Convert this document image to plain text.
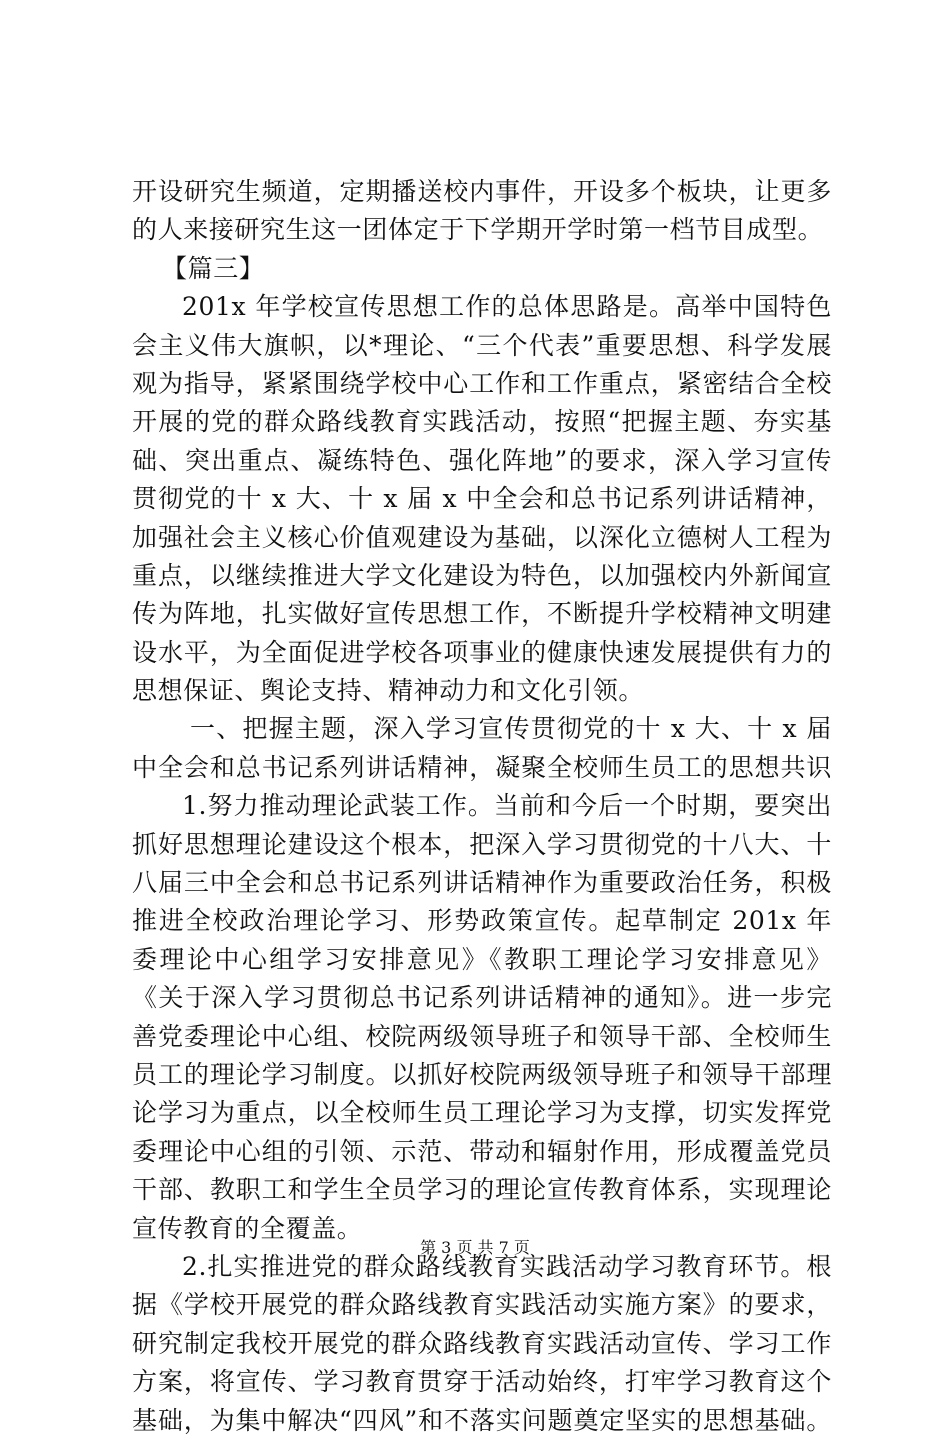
开设研究生频道，定期播送校内事件，开设多个板块，让更多
的人来接研究生这一团体定于下学期开学时第一档节目成型。
【篇三】
201x 年学校宣传思想工作的总体思路是。高举中国特色
会主义伟大旗帜，以*理论、“三个代表”重要思想、科学发展
观为指导，紧紧围绕学校中心工作和工作重点，紧密结合全校
开展的党的群众路线教育实践活动，按照“把握主题、夯实基
础、突出重点、凝练特色、强化阵地”的要求，深入学习宣传
贯彻党的十 x 大、十 x 届 x 中全会和总书记系列讲话精神，
加强社会主义核心价值观建设为基础，以深化立德树人工程为
重点，以继续推进大学文化建设为特色，以加强校内外新闻宣
传为阵地，扎实做好宣传思想工作，不断提升学校精神文明建
设水平，为全面促进学校各项事业的健康快速发展提供有力的
思想保证、舆论支持、精神动力和文化引领。
一、把握主题，深入学习宣传贯彻党的十 x 大、十 x 届
中全会和总书记系列讲话精神，凝聚全校师生员工的思想共识
1.努力推动理论武装工作。当前和今后一个时期，要突出
抓好思想理论建设这个根本，把深入学习贯彻党的十八大、十
八届三中全会和总书记系列讲话精神作为重要政治任务，积极
推进全校政治理论学习、形势政策宣传。起草制定 201x 年
委理论中心组学习安排意见》《教职工理论学习安排意见》
《关于深入学习贯彻总书记系列讲话精神的通知》。进一步完
善党委理论中心组、校院两级领导班子和领导干部、全校师生
员工的理论学习制度。以抓好校院两级领导班子和领导干部理
论学习为重点，以全校师生员工理论学习为支撑，切实发挥党
委理论中心组的引领、示范、带动和辐射作用，形成覆盖党员
干部、教职工和学生全员学习的理论宣传教育体系，实现理论
宣传教育的全覆盖。
2.扎实推进党的群众路线教育实践活动学习教育环节。根
据《学校开展党的群众路线教育实践活动实施方案》的要求，
研究制定我校开展党的群众路线教育实践活动宣传、学习工作
方案，将宣传、学习教育贯穿于活动始终，打牢学习教育这个
基础，为集中解决“四风”和不落实问题奠定坚实的思想基础。
第 3 页 共 7 页
